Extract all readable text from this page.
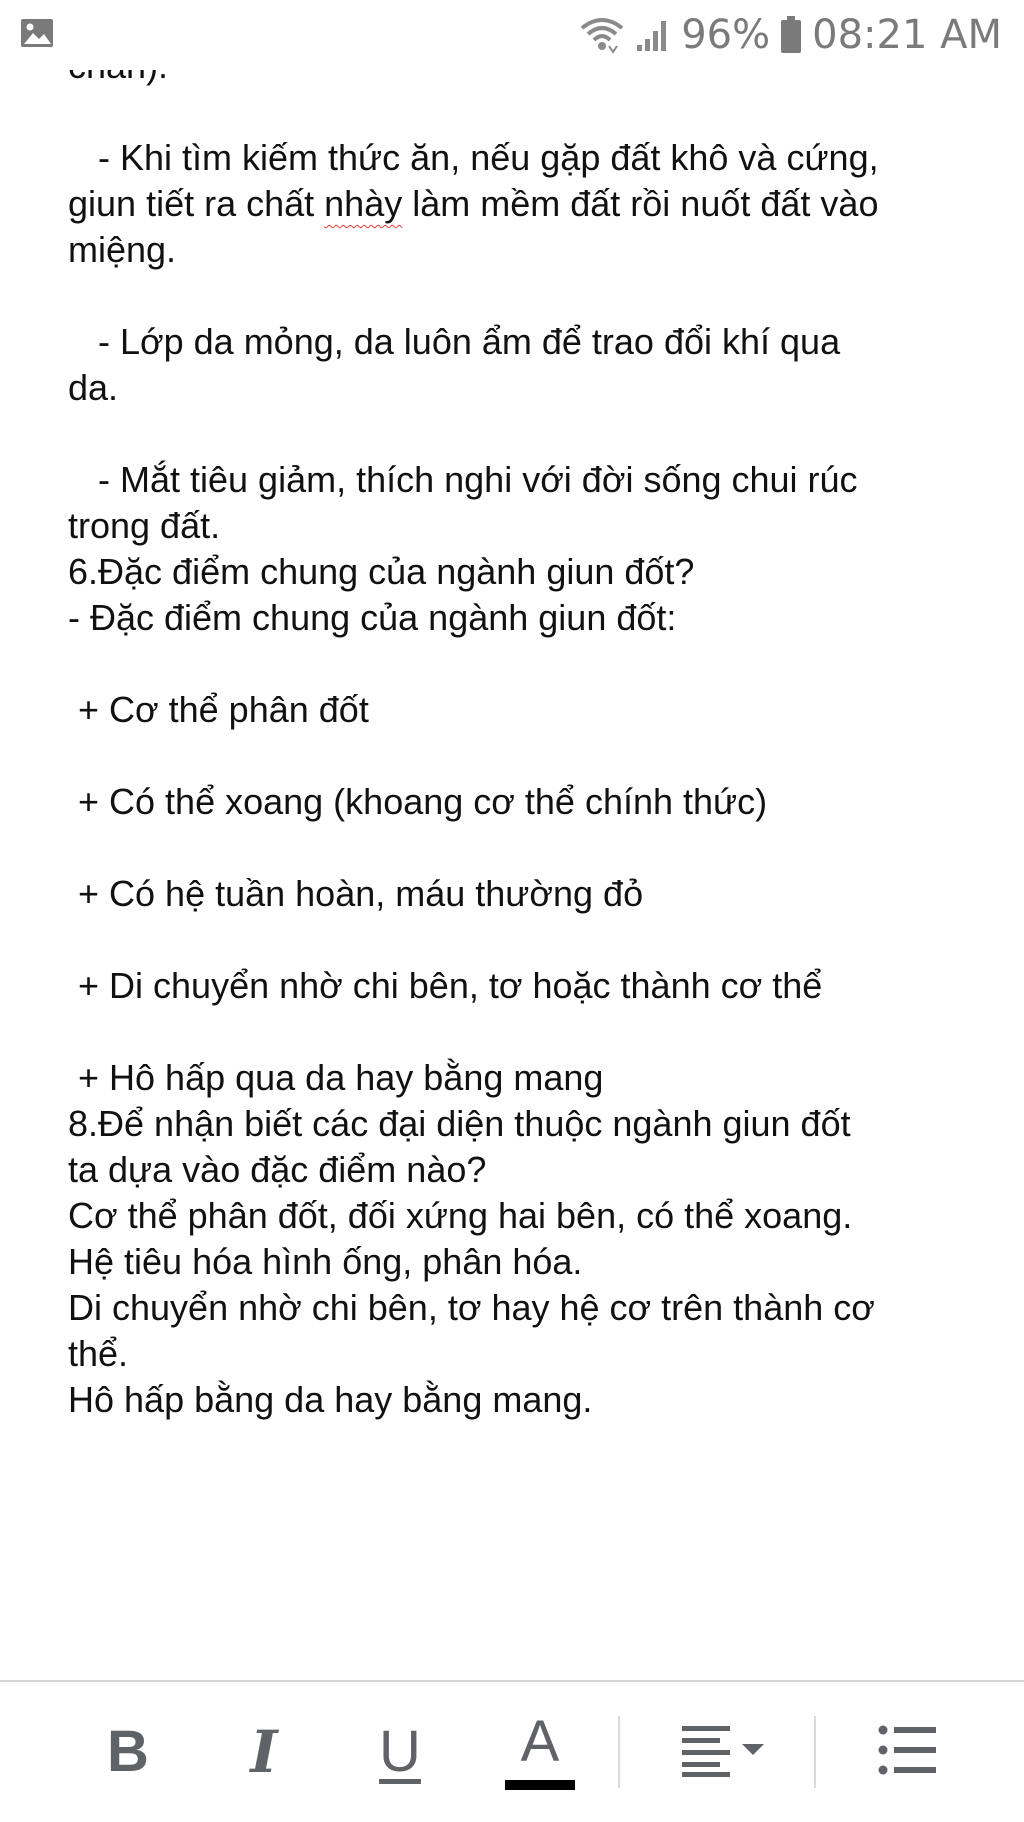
96% 08:21 AM
- Khi tìm kiếm thức ăn, nếu gặp đất khô và cứng,
giun tiết ra chất nhày làm mềm đất rồi nuốt đất vào
miệng.
- Lớp da mỏng, da luôn ẩm để trao đổi khí qua
da.
- Mắt tiêu giảm, thích nghi với đời sống chui rúc
trong đất.
6.Đặc điểm chung của ngành giun đốt?
- Đặc điểm chung của ngành giun đốt:
+ Cơ thể phân đốt
+ Có thể xoang (khoang cơ thể chính thức)
+ Có hệ tuần hoàn, máu thường đỏ
+ Di chuyển nhờ chi bên, tơ hoặc thành cơ thể
+ Hô hấp qua da hay bằng mang
8.Để nhận biết các đại diện thuộc ngành giun đốt
ta dựa vào đặc điểm nào?
Cơ thể phân đốt, đối xứng hai bên, có thể xoang.
Hệ tiêu hóa hình ống, phân hóa.
Di chuyển nhờ chi bên, tơ hay hệ cơ trên thành cơ
thể.
Hô hấp bằng da hay bằng mang.
B I U A
